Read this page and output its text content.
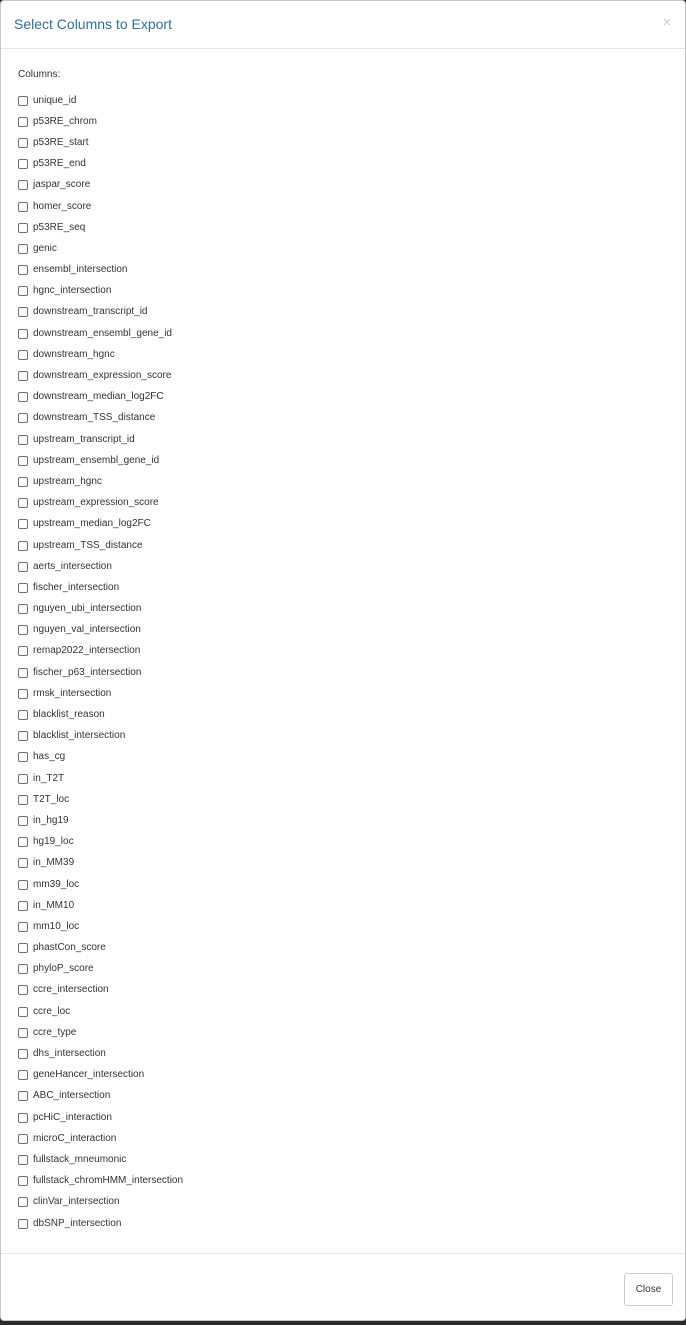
Select Columns to Export	×
Columns:
unique_id
p53RE_chrom
p53RE_start
p53RE_end
jaspar_score
homer_score
p53RE_seq
genic
ensembl_intersection
hgnc_intersection
downstream_transcript_id
downstream_ensembl_gene_id
downstream_hgnc
downstream_expression_score
downstream_median_log2FC
downstream_TSS_distance
upstream_transcript_id
upstream_ensembl_gene_id
upstream_hgnc
upstream_expression_score
upstream_median_log2FC
upstream_TSS_distance
aerts_intersection
fischer_intersection
nguyen_ubi_intersection
nguyen_val_intersection
remap2022_intersection
fischer_p63_intersection
rmsk_intersection
blacklist_reason
blacklist_intersection
has_cg
in_T2T
T2T_loc
in_hg19
hg19_loc
in_MM39
mm39_loc
in_MM10
mm10_loc
phastCon_score
phyloP_score
ccre_intersection
ccre_loc
ccre_type
dhs_intersection
geneHancer_intersection
ABC_intersection
pcHiC_interaction
microC_interaction
fullstack_mneumonic
fullstack_chromHMM_intersection
clinVar_intersection
dbSNP_intersection
Close
